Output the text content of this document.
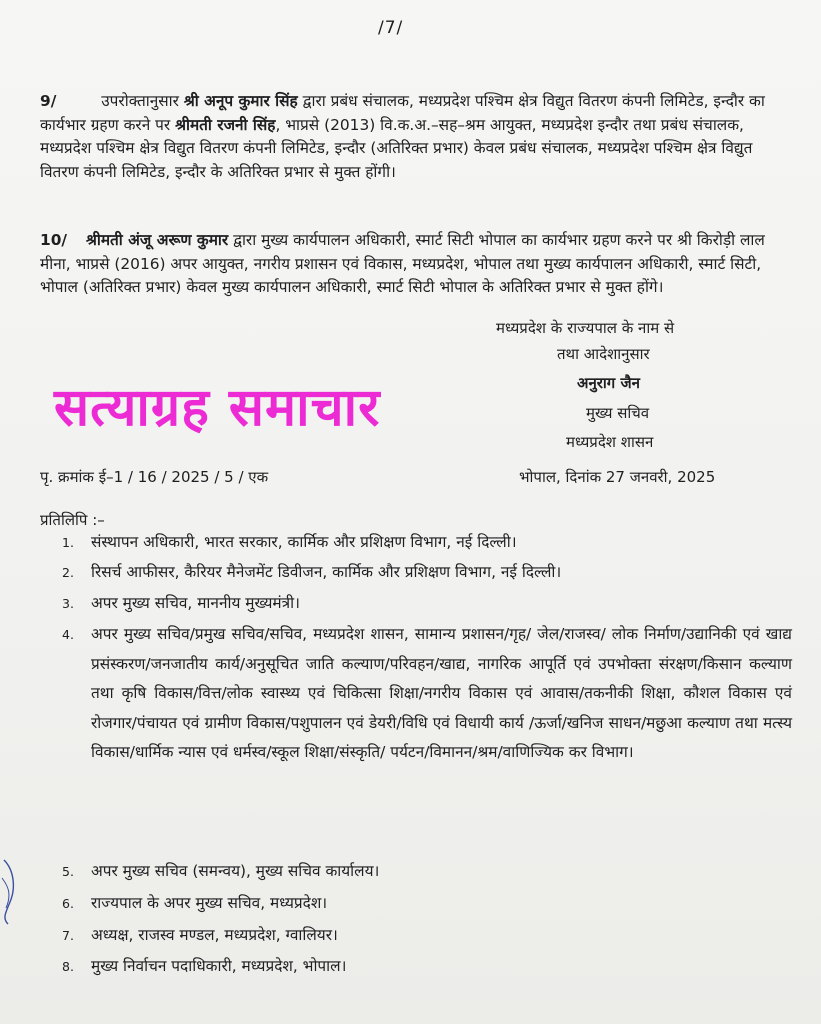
/7/
9/	उपरोक्तानुसार श्री अनूप कुमार सिंह द्वारा प्रबंध संचालक, मध्यप्रदेश पश्चिम क्षेत्र विद्युत वितरण कंपनी लिमिटेड, इन्दौर का कार्यभार ग्रहण करने पर श्रीमती रजनी सिंह, भाप्रसे (2013) वि.क.अ.–सह–श्रम आयुक्त, मध्यप्रदेश इन्दौर तथा प्रबंध संचालक, मध्यप्रदेश पश्चिम क्षेत्र विद्युत वितरण कंपनी लिमिटेड, इन्दौर (अतिरिक्त प्रभार) केवल प्रबंध संचालक, मध्यप्रदेश पश्चिम क्षेत्र विद्युत वितरण कंपनी लिमिटेड, इन्दौर के अतिरिक्त प्रभार से मुक्त होंगी।
10/ श्रीमती अंजू अरूण कुमार द्वारा मुख्य कार्यपालन अधिकारी, स्मार्ट सिटी भोपाल का कार्यभार ग्रहण करने पर श्री किरोड़ी लाल मीना, भाप्रसे (2016) अपर आयुक्त, नगरीय प्रशासन एवं विकास, मध्यप्रदेश, भोपाल तथा मुख्य कार्यपालन अधिकारी, स्मार्ट सिटी, भोपाल (अतिरिक्त प्रभार) केवल मुख्य कार्यपालन अधिकारी, स्मार्ट सिटी भोपाल के अतिरिक्त प्रभार से मुक्त होंगे।
मध्यप्रदेश के राज्यपाल के नाम से
तथा आदेशानुसार
अनुराग जैन
मुख्य सचिव
मध्यप्रदेश शासन
सत्याग्रह समाचार
पृ. क्रमांक ई–1 / 16 / 2025 / 5 / एक	भोपाल, दिनांक 27 जनवरी, 2025
प्रतिलिपि :–
1. संस्थापन अधिकारी, भारत सरकार, कार्मिक और प्रशिक्षण विभाग, नई दिल्ली।
2. रिसर्च आफीसर, कैरियर मैनेजमेंट डिवीजन, कार्मिक और प्रशिक्षण विभाग, नई दिल्ली।
3. अपर मुख्य सचिव, माननीय मुख्यमंत्री।
4. अपर मुख्य सचिव/प्रमुख सचिव/सचिव, मध्यप्रदेश शासन, सामान्य प्रशासन/गृह/ जेल/राजस्व/ लोक निर्माण/उद्यानिकी एवं खाद्य प्रसंस्करण/जनजातीय कार्य/अनुसूचित जाति कल्याण/परिवहन/खाद्य, नागरिक आपूर्ति एवं उपभोक्ता संरक्षण/किसान कल्याण तथा कृषि विकास/वित्त/लोक स्वास्थ्य एवं चिकित्सा शिक्षा/नगरीय विकास एवं आवास/तकनीकी शिक्षा, कौशल विकास एवं रोजगार/पंचायत एवं ग्रामीण विकास/पशुपालन एवं डेयरी/विधि एवं विधायी कार्य /ऊर्जा/खनिज साधन/मछुआ कल्याण तथा मत्स्य विकास/धार्मिक न्यास एवं धर्मस्व/स्कूल शिक्षा/संस्कृति/ पर्यटन/विमानन/श्रम/वाणिज्यिक कर विभाग।
5. अपर मुख्य सचिव (समन्वय), मुख्य सचिव कार्यालय।
6. राज्यपाल के अपर मुख्य सचिव, मध्यप्रदेश।
7. अध्यक्ष, राजस्व मण्डल, मध्यप्रदेश, ग्वालियर।
8. मुख्य निर्वाचन पदाधिकारी, मध्यप्रदेश, भोपाल।
